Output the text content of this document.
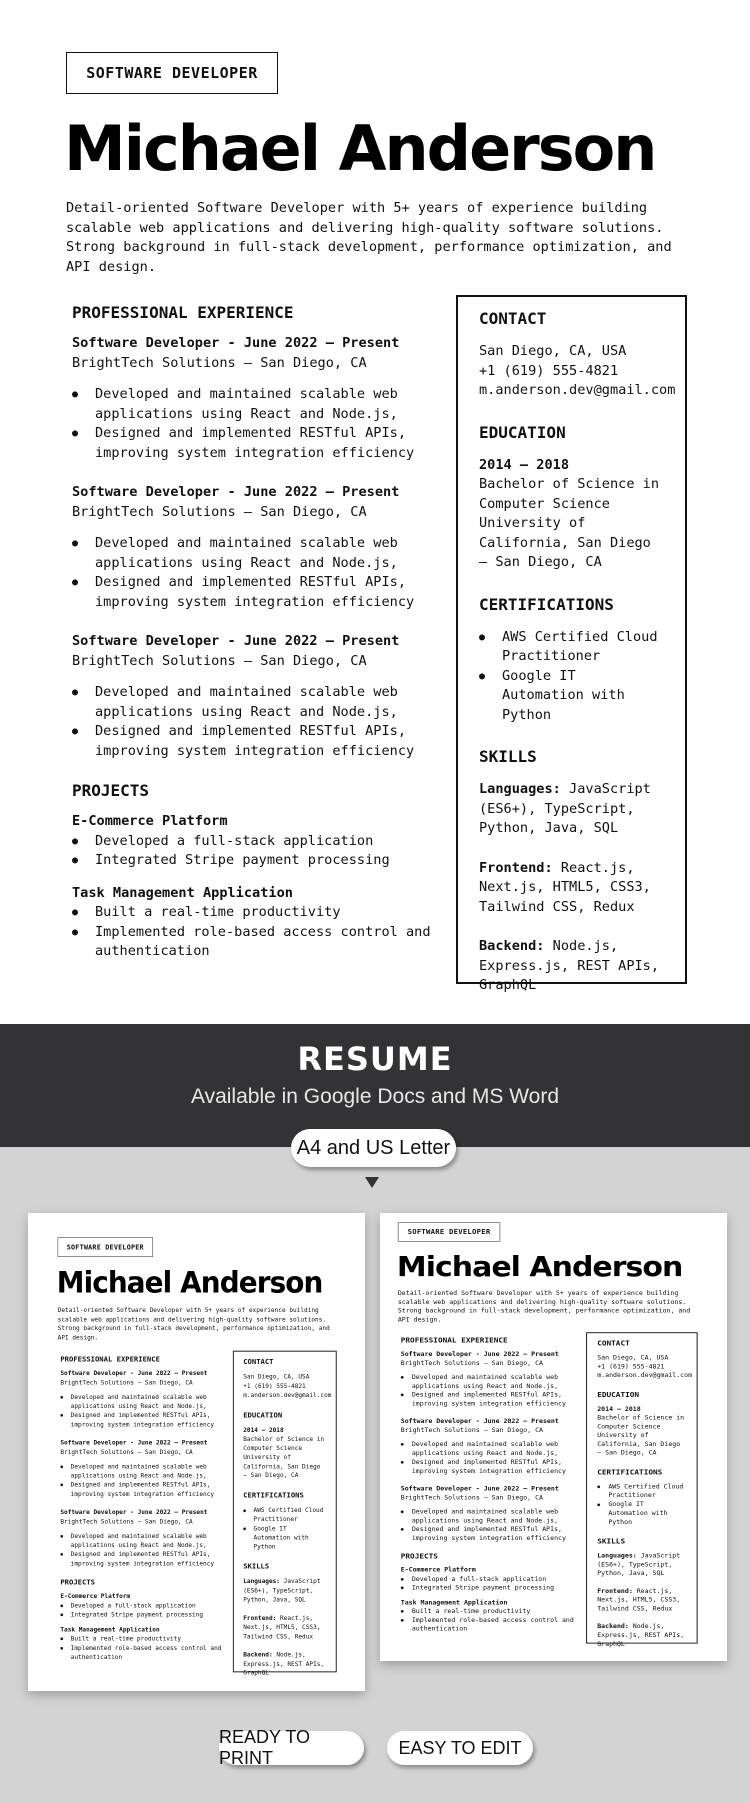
SOFTWARE DEVELOPER
Michael Anderson
Detail-oriented Software Developer with 5+ years of experience building scalable web applications and delivering high-quality software solutions. Strong background in full-stack development, performance optimization, and API design.
PROFESSIONAL EXPERIENCE
Software Developer - June 2022 – Present
BrightTech Solutions – San Diego, CA
● Developed and maintained scalable web applications using React and Node.js,
● Designed and implemented RESTful APIs, improving system integration efficiency
Software Developer - June 2022 – Present
BrightTech Solutions – San Diego, CA
● Developed and maintained scalable web applications using React and Node.js,
● Designed and implemented RESTful APIs, improving system integration efficiency
Software Developer - June 2022 – Present
BrightTech Solutions – San Diego, CA
● Developed and maintained scalable web applications using React and Node.js,
● Designed and implemented RESTful APIs, improving system integration efficiency
PROJECTS
E-Commerce Platform
● Developed a full-stack application
● Integrated Stripe payment processing
Task Management Application
● Built a real-time productivity
● Implemented role-based access control and authentication
CONTACT
San Diego, CA, USA
+1 (619) 555-4821
m.anderson.dev@gmail.com
EDUCATION
2014 – 2018
Bachelor of Science in Computer Science University of California, San Diego – San Diego, CA
CERTIFICATIONS
● AWS Certified Cloud Practitioner
● Google IT Automation with Python
SKILLS
Languages: JavaScript (ES6+), TypeScript, Python, Java, SQL
Frontend: React.js, Next.js, HTML5, CSS3, Tailwind CSS, Redux
Backend: Node.js, Express.js, REST APIs, GraphQL
RESUME
Available in Google Docs and MS Word
A4 and US Letter
SOFTWARE DEVELOPER
Michael Anderson
Detail-oriented Software Developer with 5+ years of experience building scalable web applications and delivering high-quality software solutions. Strong background in full-stack development, performance optimization, and API design.
PROFESSIONAL EXPERIENCE
Software Developer - June 2022 – Present
BrightTech Solutions – San Diego, CA
● Developed and maintained scalable web applications using React and Node.js,
● Designed and implemented RESTful APIs, improving system integration efficiency
Software Developer - June 2022 – Present
BrightTech Solutions – San Diego, CA
● Developed and maintained scalable web applications using React and Node.js,
● Designed and implemented RESTful APIs, improving system integration efficiency
Software Developer - June 2022 – Present
BrightTech Solutions – San Diego, CA
● Developed and maintained scalable web applications using React and Node.js,
● Designed and implemented RESTful APIs, improving system integration efficiency
PROJECTS
E-Commerce Platform
● Developed a full-stack application
● Integrated Stripe payment processing
Task Management Application
● Built a real-time productivity
● Implemented role-based access control and authentication
CONTACT
San Diego, CA, USA
+1 (619) 555-4821
m.anderson.dev@gmail.com
EDUCATION
2014 – 2018
Bachelor of Science in Computer Science University of California, San Diego – San Diego, CA
CERTIFICATIONS
● AWS Certified Cloud Practitioner
● Google IT Automation with Python
SKILLS
Languages: JavaScript (ES6+), TypeScript, Python, Java, SQL
Frontend: React.js, Next.js, HTML5, CSS3, Tailwind CSS, Redux
Backend: Node.js, Express.js, REST APIs, GraphQL
SOFTWARE DEVELOPER
Michael Anderson
Detail-oriented Software Developer with 5+ years of experience building scalable web applications and delivering high-quality software solutions. Strong background in full-stack development, performance optimization, and API design.
PROFESSIONAL EXPERIENCE
Software Developer - June 2022 – Present
BrightTech Solutions – San Diego, CA
● Developed and maintained scalable web applications using React and Node.js,
● Designed and implemented RESTful APIs, improving system integration efficiency
Software Developer - June 2022 – Present
BrightTech Solutions – San Diego, CA
● Developed and maintained scalable web applications using React and Node.js,
● Designed and implemented RESTful APIs, improving system integration efficiency
Software Developer - June 2022 – Present
BrightTech Solutions – San Diego, CA
● Developed and maintained scalable web applications using React and Node.js,
● Designed and implemented RESTful APIs, improving system integration efficiency
PROJECTS
E-Commerce Platform
● Developed a full-stack application
● Integrated Stripe payment processing
Task Management Application
● Built a real-time productivity
● Implemented role-based access control and authentication
CONTACT
San Diego, CA, USA
+1 (619) 555-4821
m.anderson.dev@gmail.com
EDUCATION
2014 – 2018
Bachelor of Science in Computer Science University of California, San Diego – San Diego, CA
CERTIFICATIONS
● AWS Certified Cloud Practitioner
● Google IT Automation with Python
SKILLS
Languages: JavaScript (ES6+), TypeScript, Python, Java, SQL
Frontend: React.js, Next.js, HTML5, CSS3, Tailwind CSS, Redux
Backend: Node.js, Express.js, REST APIs, GraphQL
READY TO PRINT
EASY TO EDIT
